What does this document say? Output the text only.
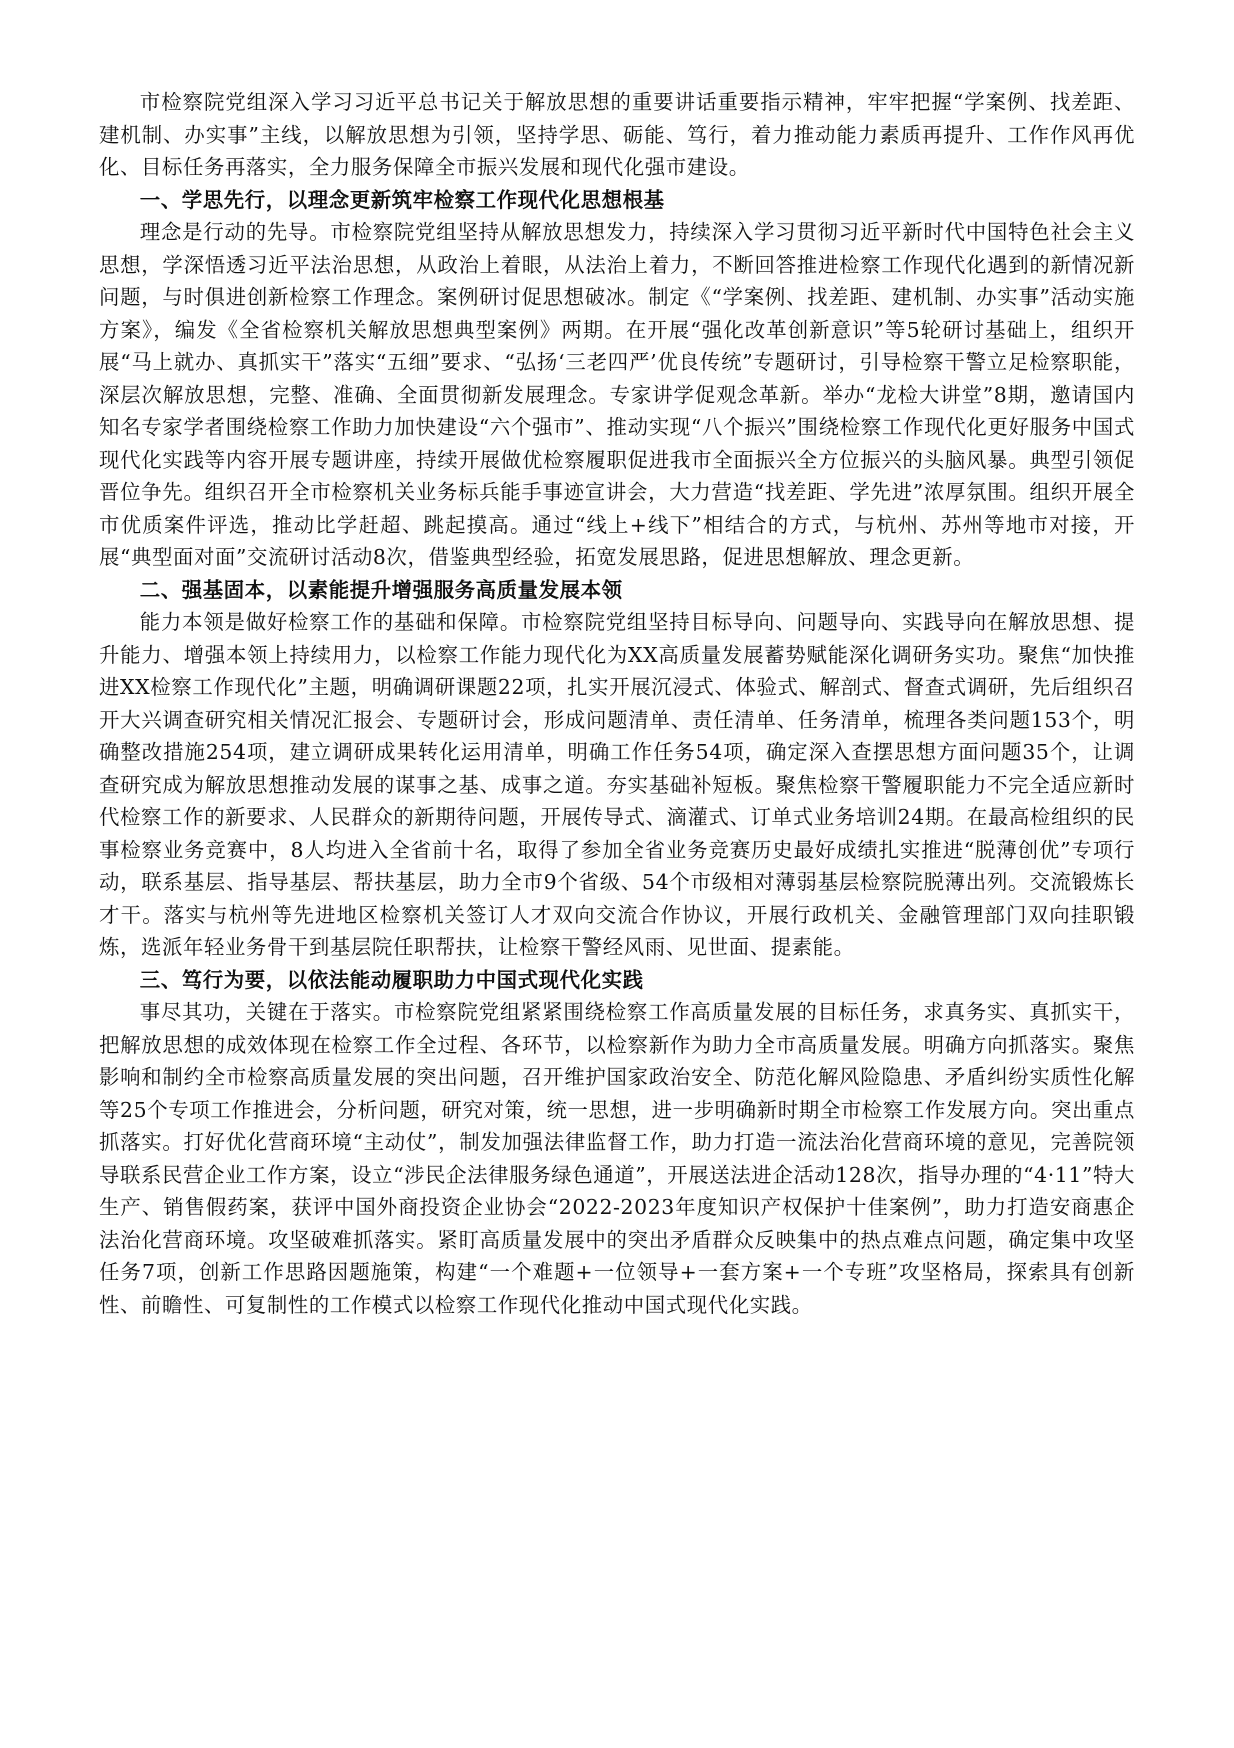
市检察院党组深入学习习近平总书记关于解放思想的重要讲话重要指示精神，牢牢把握“学案例、找差距、建机制、办实事”主线，以解放思想为引领，坚持学思、砺能、笃行，着力推动能力素质再提升、工作作风再优化、目标任务再落实，全力服务保障全市振兴发展和现代化强市建设。

一、学思先行，以理念更新筑牢检察工作现代化思想根基

理念是行动的先导。市检察院党组坚持从解放思想发力，持续深入学习贯彻习近平新时代中国特色社会主义思想，学深悟透习近平法治思想，从政治上着眼，从法治上着力，不断回答推进检察工作现代化遇到的新情况新问题，与时俱进创新检察工作理念。案例研讨促思想破冰。制定《“学案例、找差距、建机制、办实事”活动实施方案》，编发《全省检察机关解放思想典型案例》两期。在开展“强化改革创新意识”等5轮研讨基础上，组织开展“马上就办、真抓实干”落实“五细”要求、“弘扬‘三老四严’优良传统”专题研讨，引导检察干警立足检察职能，深层次解放思想，完整、准确、全面贯彻新发展理念。专家讲学促观念革新。举办“龙检大讲堂”8期，邀请国内知名专家学者围绕检察工作助力加快建设“六个强市”、推动实现“八个振兴”围绕检察工作现代化更好服务中国式现代化实践等内容开展专题讲座，持续开展做优检察履职促进我市全面振兴全方位振兴的头脑风暴。典型引领促晋位争先。组织召开全市检察机关业务标兵能手事迹宣讲会，大力营造“找差距、学先进”浓厚氛围。组织开展全市优质案件评选，推动比学赶超、跳起摸高。通过“线上+线下”相结合的方式，与杭州、苏州等地市对接，开展“典型面对面”交流研讨活动8次，借鉴典型经验，拓宽发展思路，促进思想解放、理念更新。

二、强基固本，以素能提升增强服务高质量发展本领

能力本领是做好检察工作的基础和保障。市检察院党组坚持目标导向、问题导向、实践导向在解放思想、提升能力、增强本领上持续用力，以检察工作能力现代化为XX高质量发展蓄势赋能深化调研务实功。聚焦“加快推进XX检察工作现代化”主题，明确调研课题22项，扎实开展沉浸式、体验式、解剖式、督查式调研，先后组织召开大兴调查研究相关情况汇报会、专题研讨会，形成问题清单、责任清单、任务清单，梳理各类问题153个，明确整改措施254项，建立调研成果转化运用清单，明确工作任务54项，确定深入查摆思想方面问题35个，让调查研究成为解放思想推动发展的谋事之基、成事之道。夯实基础补短板。聚焦检察干警履职能力不完全适应新时代检察工作的新要求、人民群众的新期待问题，开展传导式、滴灌式、订单式业务培训24期。在最高检组织的民事检察业务竞赛中，8人均进入全省前十名，取得了参加全省业务竞赛历史最好成绩扎实推进“脱薄创优”专项行动，联系基层、指导基层、帮扶基层，助力全市9个省级、54个市级相对薄弱基层检察院脱薄出列。交流锻炼长才干。落实与杭州等先进地区检察机关签订人才双向交流合作协议，开展行政机关、金融管理部门双向挂职锻炼，选派年轻业务骨干到基层院任职帮扶，让检察干警经风雨、见世面、提素能。

三、笃行为要，以依法能动履职助力中国式现代化实践

事尽其功，关键在于落实。市检察院党组紧紧围绕检察工作高质量发展的目标任务，求真务实、真抓实干，把解放思想的成效体现在检察工作全过程、各环节，以检察新作为助力全市高质量发展。明确方向抓落实。聚焦影响和制约全市检察高质量发展的突出问题，召开维护国家政治安全、防范化解风险隐患、矛盾纠纷实质性化解等25个专项工作推进会，分析问题，研究对策，统一思想，进一步明确新时期全市检察工作发展方向。突出重点抓落实。打好优化营商环境“主动仗”，制发加强法律监督工作，助力打造一流法治化营商环境的意见，完善院领导联系民营企业工作方案，设立“涉民企法律服务绿色通道”，开展送法进企活动128次，指导办理的“4·11”特大生产、销售假药案，获评中国外商投资企业协会“2022-2023年度知识产权保护十佳案例”，助力打造安商惠企法治化营商环境。攻坚破难抓落实。紧盯高质量发展中的突出矛盾群众反映集中的热点难点问题，确定集中攻坚任务7项，创新工作思路因题施策，构建“一个难题+一位领导+一套方案+一个专班”攻坚格局，探索具有创新性、前瞻性、可复制性的工作模式以检察工作现代化推动中国式现代化实践。
